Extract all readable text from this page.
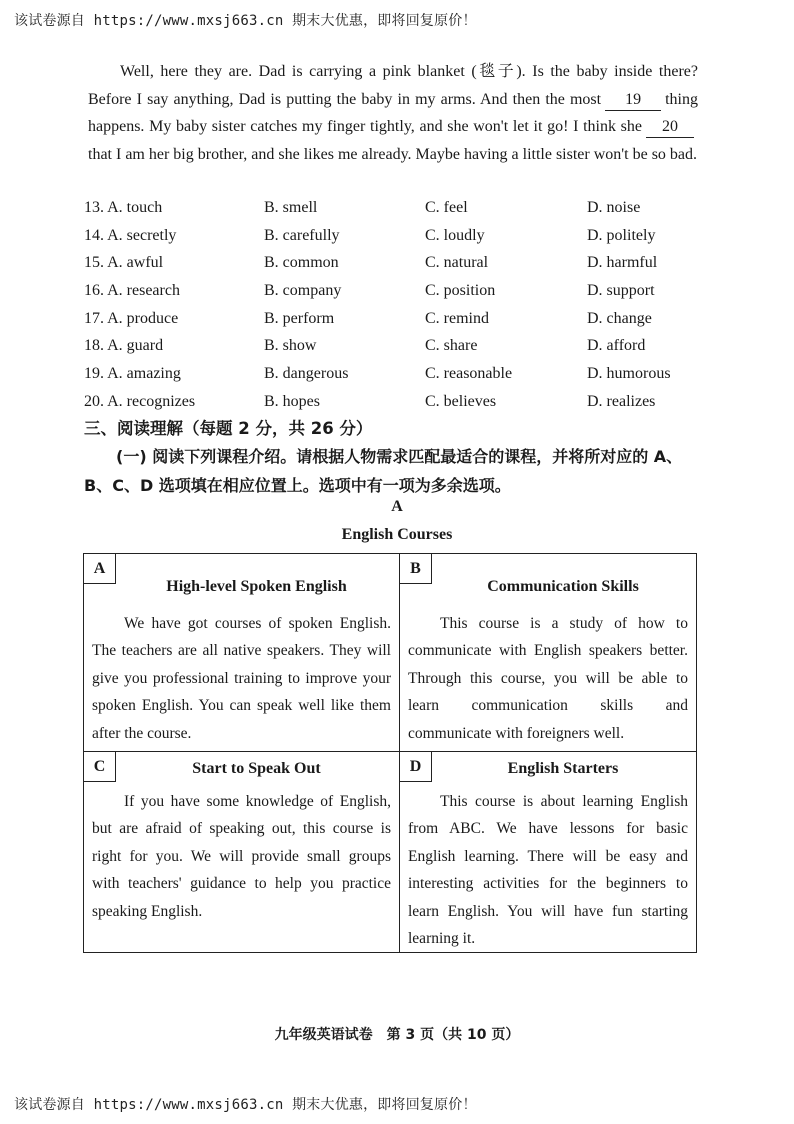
该试卷源自 https://www.mxsj663.cn 期末大优惠，即将回复原价！

Well, here they are. Dad is carrying a pink blanket (毯子). Is the baby inside there? Before I say anything, Dad is putting the baby in my arms. And then the most 19 thing happens. My baby sister catches my finger tightly, and she won't let it go! I think she 20that I am her big brother, and she likes me already. Maybe having a little sister won't be so bad.

13. A. touch	B. smell	C. feel	D. noise
14. A. secretly	B. carefully	C. loudly	D. politely
15. A. awful	B. common	C. natural	D. harmful
16. A. research	B. company	C. position	D. support
17. A. produce	B. perform	C. remind	D. change
18. A. guard	B. show	C. share	D. afford
19. A. amazing	B. dangerous	C. reasonable	D. humorous
20. A. recognizes	B. hopes	C. believes	D. realizes
三、阅读理解（每题 2 分，共 26 分）

(一) 阅读下列课程介绍。请根据人物需求匹配最适合的课程，并将所对应的 A、B、C、D 选项填在相应位置上。选项中有一项为多余选项。

A
English Courses
A

High-level Spoken English

We have got courses of spoken English. The teachers are all native speakers. They will give you professional training to improve your spoken English. You can speak well like them after the course.

B

Communication Skills

This course is a study of how to communicate with English speakers better. Through this course, you will be able to learn communication skills and communicate with foreigners well.

C	Start to Speak Out

If you have some knowledge of English, but are afraid of speaking out, this course is right for you. We will provide small groups with teachers' guidance to help you practice speaking English.

D	English Starters

This course is about learning English from ABC. We have lessons for basic English learning. There will be easy and interesting activities for the beginners to learn English. You will have fun starting learning it.

九年级英语试卷　第 3 页（共 10 页）
该试卷源自 https://www.mxsj663.cn 期末大优惠，即将回复原价！
